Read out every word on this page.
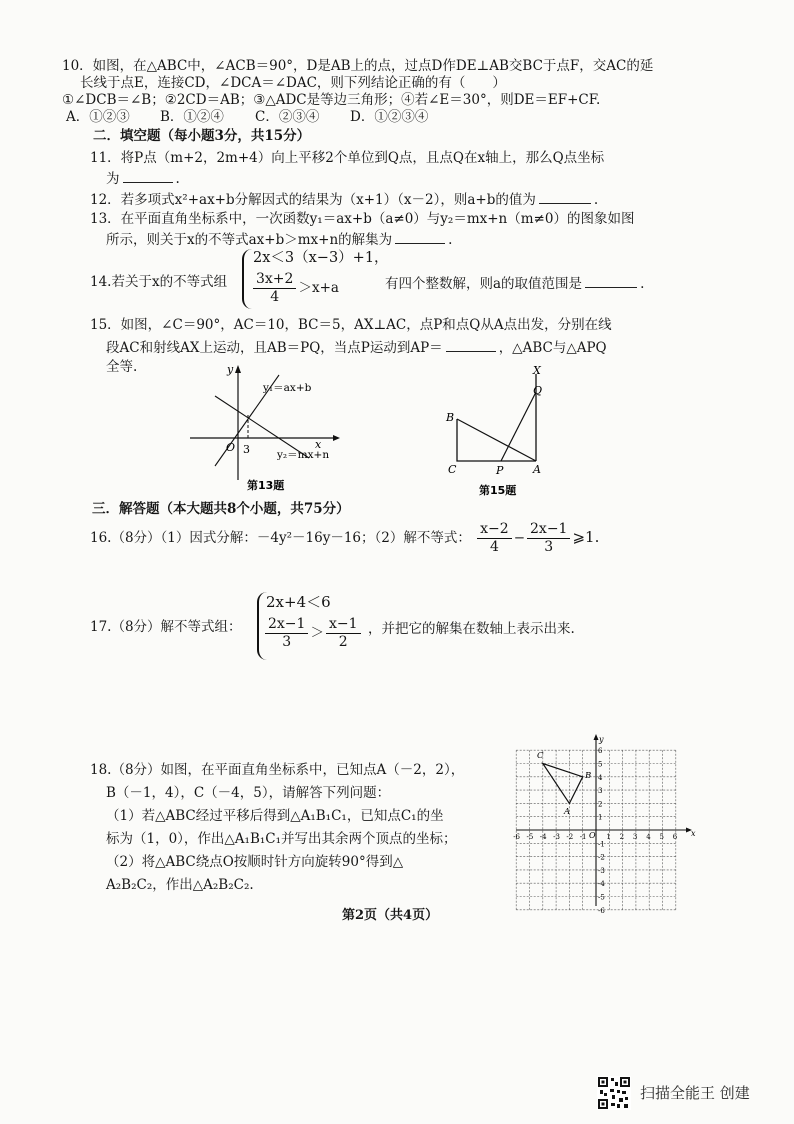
10．如图，在△ABC中，∠ACB＝90°，D是AB上的点，过点D作DE⊥AB交BC于点F，交AC的延
长线于点E，连接CD，∠DCA＝∠DAC，则下列结论正确的有（　　）
①∠DCB＝∠B；②2CD＝AB；③△ADC是等边三角形；④若∠E＝30°，则DE＝EF+CF.
A．①②③ B．①②④ C．②③④ D．①②③④
二．填空题（每小题3分，共15分）
11．将P点（m+2，2m+4）向上平移2个单位到Q点，且点Q在x轴上，那么Q点坐标
为	.
12．若多项式x²+ax+b分解因式的结果为（x+1）（x－2），则a+b的值为	.
13．在平面直角坐标系中，一次函数y₁＝ax+b（a≠0）与y₂＝mx+n（m≠0）的图象如图
所示，则关于x的不等式ax+b＞mx+n的解集为	.
14.若关于x的不等式组
2x＜3（x−3）+1，
$\frac{3x+2}{4} >x+a$	有四个整数解，则a的取值范围是	.
15．如图，∠C＝90°，AC＝10，BC＝5，AX⊥AC，点P和点Q从A点出发，分别在线
段AC和射线AX上运动，且AB＝PQ，当点P运动到AP＝	，△ABC与△APQ
全等.	y
x
O 3
y₁＝ax+b
y₂＝mx+n
第13题
X
Q
B
C	P	A
第15题
三．解答题（本大题共8个小题，共75分）
16.（8分）（1）因式分解：－4y²－16y－16；（2）解不等式： $\frac{x-2}{4} - \frac{2x-1}{3}$ ⩾1.
17.（8分）解不等式组：
2x+4＜6
$\frac{2x-1}{3} > \frac{x-1}{2}$ ，并把它的解集在数轴上表示出来.
18.（8分）如图，在平面直角坐标系中，已知点A（－2，2），
B（－1，4），C（－4，5），请解答下列问题：
（1）若△ABC经过平移后得到△A₁B₁C₁，已知点C₁的坐
标为（1，0），作出△A₁B₁C₁并写出其余两个顶点的坐标；
（2）将△ABC绕点O按顺时针方向旋转90°得到△
A₂B₂C₂，作出△A₂B₂C₂.
-6 -5 -4 -3 -2 -1	1 2 3 4 5 6
6
5
4
3
2
1
-1
-2
-3
-4
-5
-6
x
y
O
A
B
C
第2页（共4页）
扫描全能王 创建
